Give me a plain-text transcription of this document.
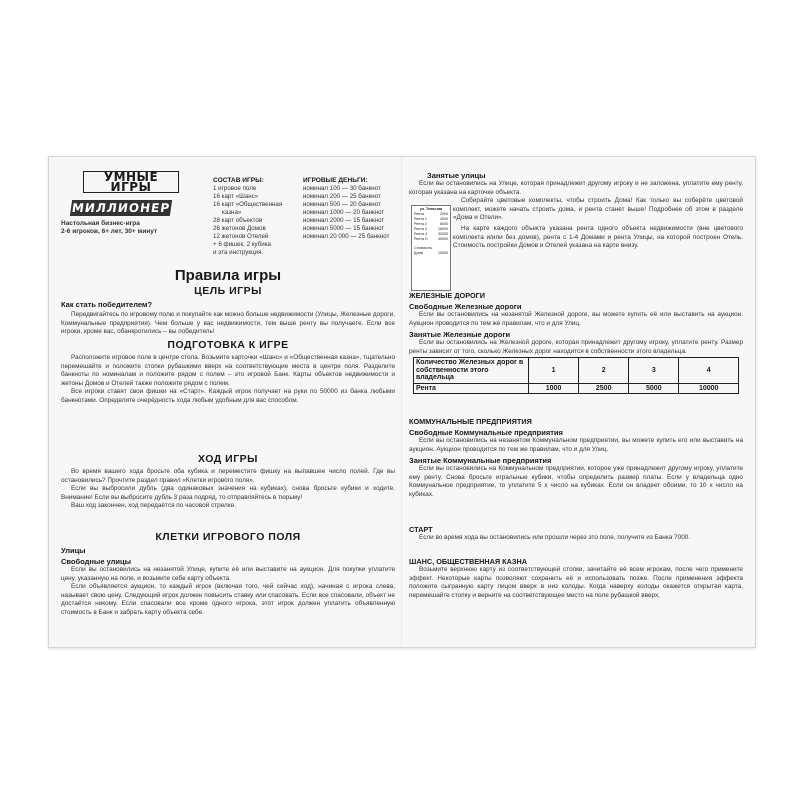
УМНЫЕ ИГРЫ
МИЛЛИОНЕР
Настольная бизнес-игра
2-6 игроков, 6+ лет, 30+ минут
СОСТАВ ИГРЫ:
1 игровое поле
16 карт «Шанс»
16 карт «Общественная
казна»
28 карт объектов
26 жетонов Домов
12 жетонов Отелей
+ 6 фишек, 2 кубика
и эта инструкция.
ИГРОВЫЕ ДЕНЬГИ:
номинал 100 — 30 банкнот
номинал 200 — 25 банкнот
номинал 500 — 20 банкнот
номинал 1000 — 20 банкнот
номинал 2000 — 15 банкнот
номинал 5000 — 15 банкнот
номинал 20 000 — 25 банкнот
Правила игры
ЦЕЛЬ ИГРЫ
Как стать победителем?
Передвигайтесь по игровому полю и покупайте как можно больше недвижимости (Улицы, Железные дороги, Коммунальные предприятия). Чем больше у вас недвижимости, тем выше ренту вы получаете. Если все игроки, кроме вас, обанкротились – вы победитель!
ПОДГОТОВКА К ИГРЕ
Расположите игровое поле в центре стола. Возьмите карточки «Шанс» и «Общественная казна», тщательно перемешайте и положите стопки рубашкими вверх на соответствующие места в центре поля. Разделите банкноты по номиналам и положите рядом с полем – это игровой Банк. Карты объектов недвижимости и жетоны Домов и Отелей также положите рядом с полем.
Все игроки ставят свои фишки на «Старт». Каждый игрок получает на руки по 50000 из банка любыми банкнотами. Определите очерёдность хода любым удобным для вас способом.
ХОД ИГРЫ
Во время вашего хода бросьте оба кубика и переместите фишку на выпавшее число полей. Где вы остановились? Прочтите раздел правил «Клетки игрового поля».
Если вы выбросили дубль (два одинаковых значения на кубиках), снова бросьте кубики и ходите. Внимание! Если вы выбросите дубль 3 раза подряд, то отправляйтесь в тюрьму!
Ваш ход закончен, ход передаётся по часовой стрелке.
КЛЕТКИ ИГРОВОГО ПОЛЯ
Улицы
Свободные улицы
Если вы остановились на незанятой Улице, купите её или выставите на аукцион. Для покупки уплатите цену, указанную на поле, и возьмите себе карту объекта.
Если объявляется аукцион, то каждый игрок (включая того, чей сейчас ход), начиная с игрока слева, называет свою цену. Следующий игрок должен повысить ставку или спасовать. Если все спасовали, объект не достаётся никому. Если спасовали все кроме одного игрока, этот игрок должен уплатить объявленную стоимость в Банк и забрать карту объекта себе.
Занятые улицы
Если вы остановились на Улице, которая принадлежит другому игроку и не заложена, уплатите ему ренту, которая указана на карточке объекта.
ул. Тенистая
Рента	2000
Рента 1	4000
Рента 2	8000
Рента 3	16000
Рента 4	32000
Рента О	40000
Стоимость
Дома	15000
Собирайте цветовые комплекты, чтобы строить Дома! Как только вы соберёте цветовой комплект, можете начать строить дома, и рента станет выше! Подробнее об этом в разделе «Дома и Отели».
На карте каждого объекта указана рента одного объекта недвижимости (вне цветового комплекта и/или без домов), рента с 1-4 Домами и рента Улицы, на которой построен Отель. Стоимость постройки Домов и Отелей указана на карте внизу.
ЖЕЛЕЗНЫЕ ДОРОГИ
Свободные Железные дороги
Если вы остановились на незанятой Железной дороге, вы можете купить её или выставить на аукцион. Аукцион проводится по тем же правилам, что и для Улиц.
Занятые Железные дороги
Если вы остановились на Железной дороге, которая принадлежит другому игроку, уплатите ренту. Размер ренты зависит от того, сколько Железных дорог находится в собственности этого владельца.
Количество Железных дорог в собственности этого владельца	1	2	3	4
Рента	1000	2500	5000	10000
КОММУНАЛЬНЫЕ ПРЕДПРИЯТИЯ
Свободные Коммунальные предприятия
Если вы остановились на незанятом Коммунальном предприятии, вы можете купить его или выставить на аукцион. Аукцион проводится по тем же правилам, что и для Улиц.
Занятые Коммунальные предприятия
Если вы остановились на Коммунальном предприятии, которое уже принадлежит другому игроку, уплатите ему ренту. Снова бросьте игральные кубики, чтобы определить размер платы. Если у владельца одно Коммунальное предприятие, то уплатите 5 х число на кубиках. Если он владеет обоими, то 10 х число на кубиках.
СТАРТ
Если во время хода вы остановились или прошли через это поле, получите из Банка 7000.
ШАНС, ОБЩЕСТВЕННАЯ КАЗНА
Возьмите верхнюю карту из соответствующей стопки, зачитайте её всем игрокам, после чего примените эффект. Некоторые карты позволяют сохранить её и использовать позже. После применения эффекта положите сыгранную карту лицом вверх в низ колоды. Когда наверху колоды окажется открытая карта, перемешайте стопку и верните на соответствующее место на поле рубашкой вверх.
